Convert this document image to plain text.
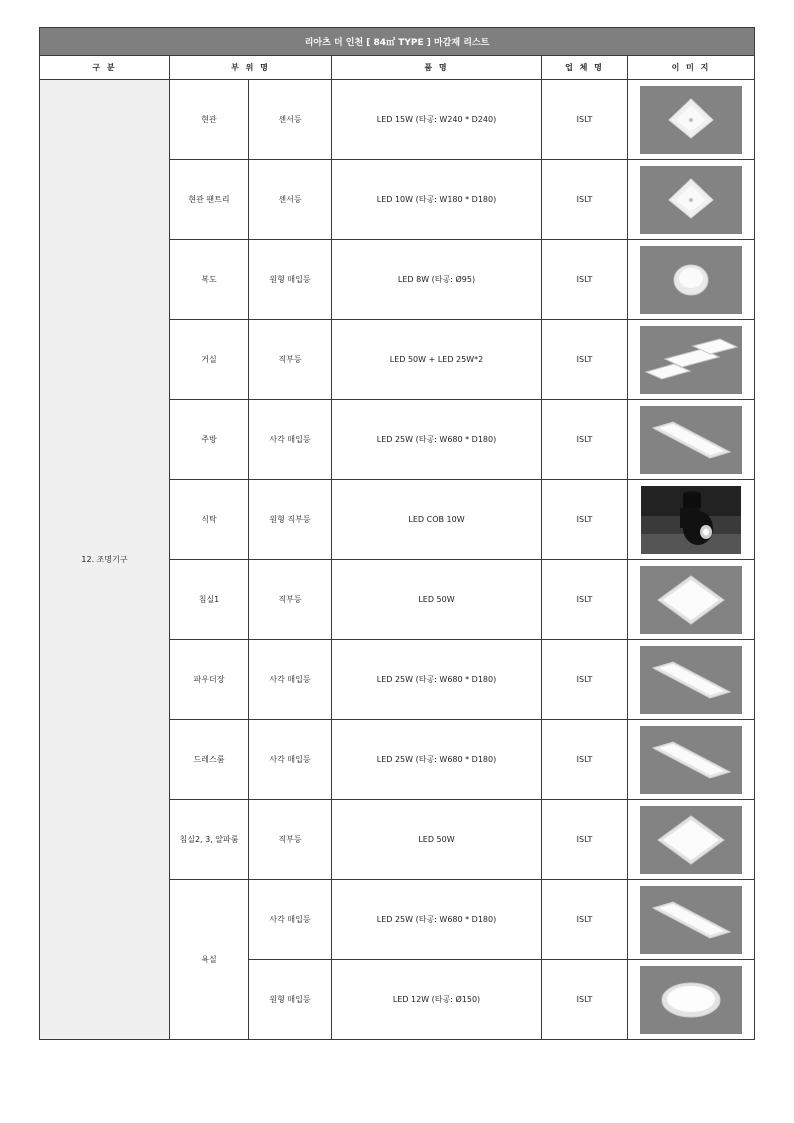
리아츠 더 인천 [ 84㎡ TYPE ] 마감재 리스트					
구 분	부 위 명		품 명	업 체 명	이 미 지
12. 조명기구	현관	센서등	LED 15W (타공: W240 * D240)	ISLT	

	현관 팬트리	센서등	LED 10W (타공: W180 * D180)	ISLT	

	복도	원형 매입등	LED 8W (타공: Ø95)	ISLT	

	거실	직부등	LED 50W + LED 25W*2	ISLT	

	주방	사각 매입등	LED 25W (타공: W680 * D180)	ISLT	

	식탁	원형 직부등	LED COB 10W	ISLT	

	침실1	직부등	LED 50W	ISLT	

	파우더장	사각 매입등	LED 25W (타공: W680 * D180)	ISLT	

	드레스룸	사각 매입등	LED 25W (타공: W680 * D180)	ISLT	

	침실2, 3, 알파룸	직부등	LED 50W	ISLT	

	욕실	사각 매입등	LED 25W (타공: W680 * D180)	ISLT	

		원형 매입등	LED 12W (타공: Ø150)	ISLT	
